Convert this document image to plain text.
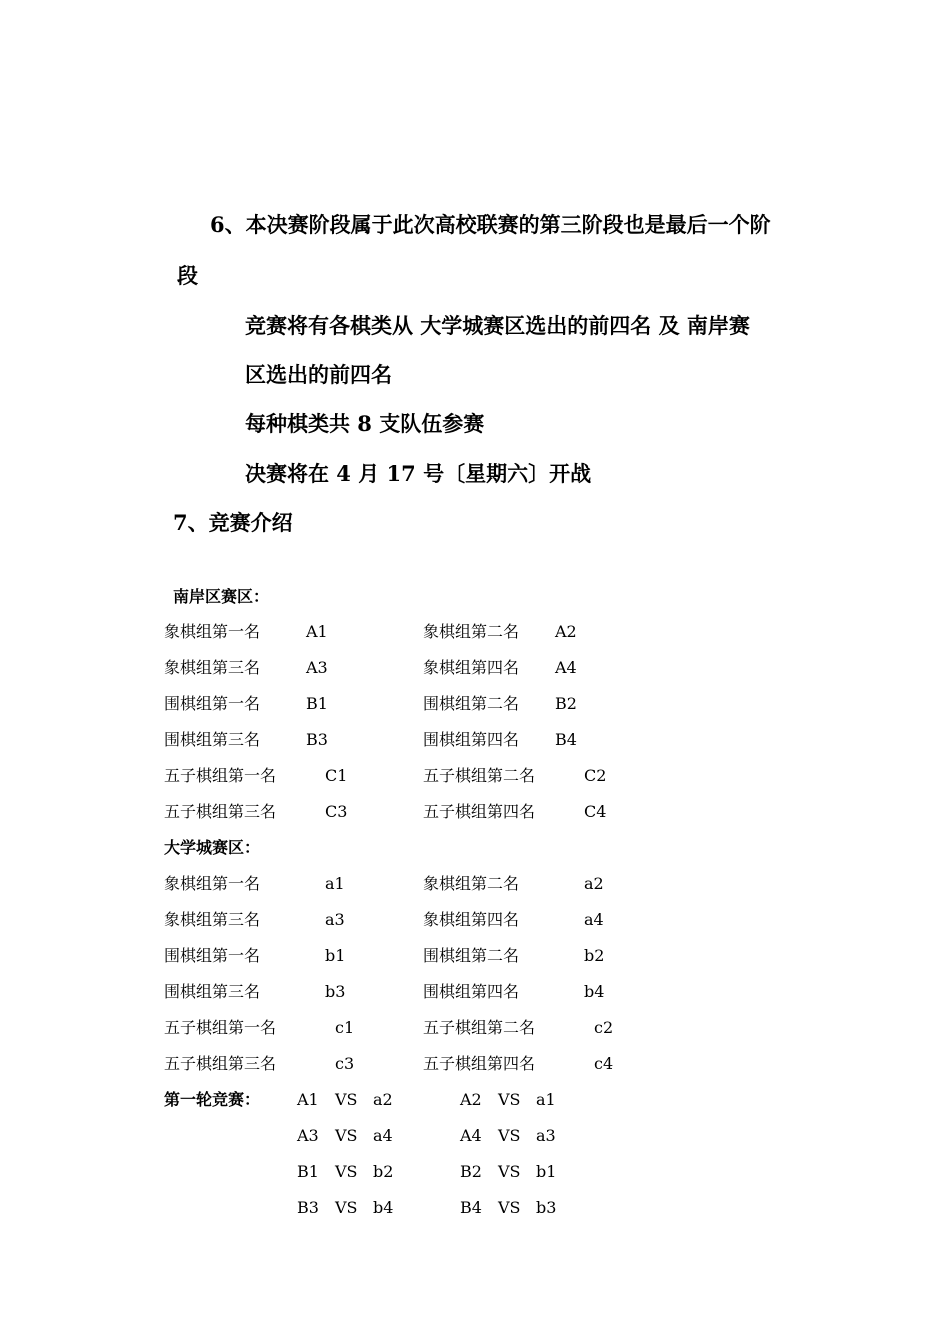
6、本决赛阶段属于此次高校联赛的第三阶段也是最后一个阶
段
竞赛将有各棋类从 大学城赛区选出的前四名 及 南岸赛
区选出的前四名
每种棋类共 8 支队伍参赛
决赛将在 4 月 17 号〔星期六〕开战
7、竞赛介绍
南岸区赛区：
象棋组第一名	A1	象棋组第二名 A2
象棋组第三名	A3	象棋组第四名 A4
围棋组第一名	B1	围棋组第二名 B2
围棋组第三名	B3	围棋组第四名 B4
五子棋组第一名	C1	五子棋组第二名	C2
五子棋组第三名	C3	五子棋组第四名	C4
大学城赛区：
象棋组第一名	a1	象棋组第二名	a2
象棋组第三名	a3	象棋组第四名	a4
围棋组第一名	b1	围棋组第二名	b2
围棋组第三名	b3	围棋组第四名	b4
五子棋组第一名	c1	五子棋组第二名	c2
五子棋组第三名	c3	五子棋组第四名	c4
第一轮竞赛： A1 VS a2	A2 VS a1
A3 VS a4	A4 VS a3
B1 VS b2	B2 VS b1
B3 VS b4	B4 VS b3
